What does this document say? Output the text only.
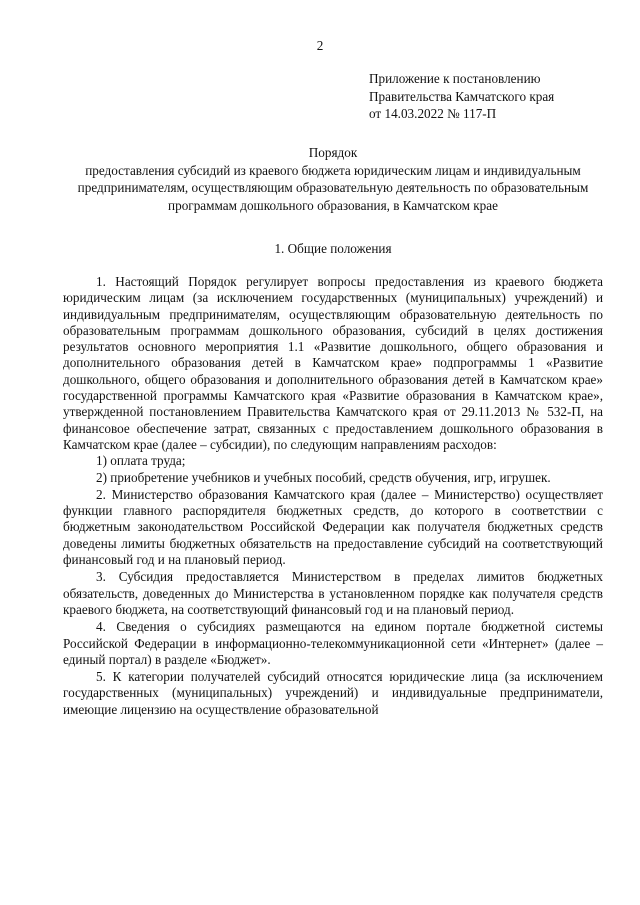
2
Приложение к постановлению
Правительства Камчатского края
от 14.03.2022 № 117-П
Порядок
предоставления субсидий из краевого бюджета юридическим лицам и индивидуальным предпринимателям, осуществляющим образовательную деятельность по образовательным программам дошкольного образования, в Камчатском крае
1. Общие положения

1. Настоящий Порядок регулирует вопросы предоставления из краевого бюджета юридическим лицам (за исключением государственных (муниципальных) учреждений) и индивидуальным предпринимателям, осуществляющим образовательную деятельность по образовательным программам дошкольного образования, субсидий в целях достижения результатов основного мероприятия 1.1 «Развитие дошкольного, общего образования и дополнительного образования детей в Камчатском крае» подпрограммы 1 «Развитие дошкольного, общего образования и дополнительного образования детей в Камчатском крае» государственной программы Камчатского края «Развитие образования в Камчатском крае», утвержденной постановлением Правительства Камчатского края от 29.11.2013 № 532-П, на финансовое обеспечение затрат, связанных с предоставлением дошкольного образования в Камчатском крае (далее – субсидии), по следующим направлениям расходов:

1) оплата труда;

2) приобретение учебников и учебных пособий, средств обучения, игр, игрушек.

2. Министерство образования Камчатского края (далее – Министерство) осуществляет функции главного распорядителя бюджетных средств, до которого в соответствии с бюджетным законодательством Российской Федерации как получателя бюджетных средств доведены лимиты бюджетных обязательств на предоставление субсидий на соответствующий финансовый год и на плановый период.

3. Субсидия предоставляется Министерством в пределах лимитов бюджетных обязательств, доведенных до Министерства в установленном порядке как получателя средств краевого бюджета, на соответствующий финансовый год и на плановый период.

4. Сведения о субсидиях размещаются на едином портале бюджетной системы Российской Федерации в информационно-телекоммуникационной сети «Интернет» (далее – единый портал) в разделе «Бюджет».

5. К категории получателей субсидий относятся юридические лица (за исключением государственных (муниципальных) учреждений) и индивидуальные предприниматели, имеющие лицензию на осуществление образовательной
